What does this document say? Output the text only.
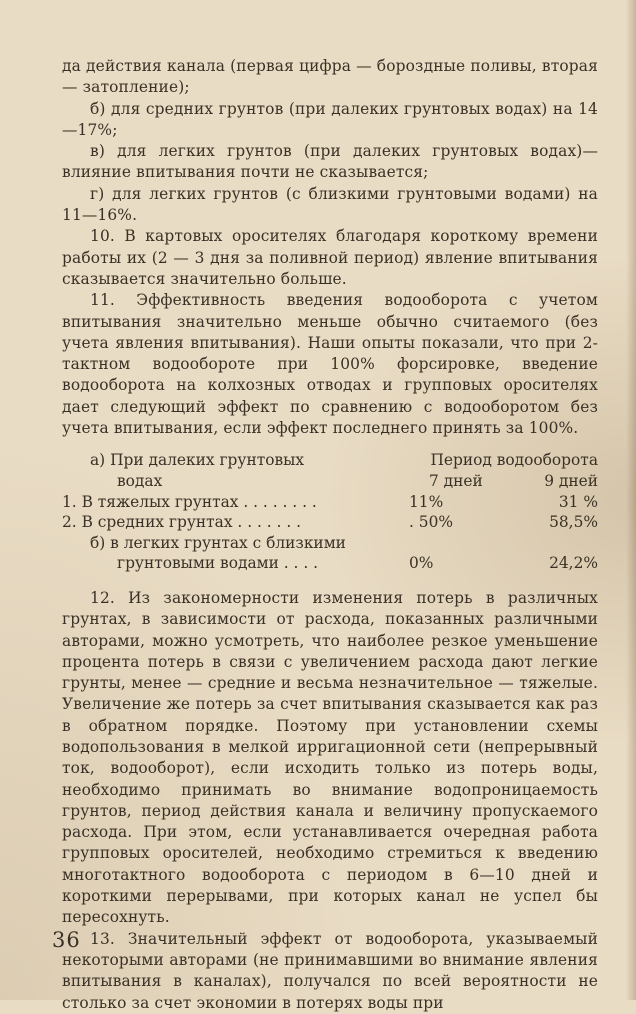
да действия канала (первая цифра — бороздные поливы, вторая — затопление);

б) для средних грунтов (при далеких грунтовых водах) на 14—17%;

в) для легких грунтов (при далеких грунтовых водах)— влияние впитывания почти не сказывается;

г) для легких грунтов (с близкими грунтовыми водами) на 11—16%.

10. В картовых оросителях благодаря короткому времени работы их (2 — 3 дня за поливной период) явление впитывания сказывается значительно больше.

11. Эффективность введения водооборота с учетом впитывания значительно меньше обычно считаемого (без учета явления впитывания). Наши опыты показали, что при 2-тактном водообороте при 100% форсировке, введение водооборота на колхозных отводах и групповых оросителях дает следующий эффект по сравнению с водооборотом без учета впитывания, если эффект последнего принять за 100%.

а) При далеких грунтовых	Период водооборота
водах	7 дней	9 дней
1. В тяжелых грунтах . . . . . . . .	11%	31 %
2. В средних грунтах . . . . . . .	. 50%	58,5%
б) в легких грунтах с близкими
грунтовыми водами . . . .	0%	24,2%

12. Из закономерности изменения потерь в различных грунтах, в зависимости от расхода, показанных различными авторами, можно усмотреть, что наиболее резкое уменьшение процента потерь в связи с увеличением расхода дают легкие грунты, менее — средние и весьма незначительное — тяжелые. Увеличение же потерь за счет впитывания сказывается как раз в обратном порядке. Поэтому при установлении схемы водопользования в мелкой ирригационной сети (непрерывный ток, водооборот), если исходить только из потерь воды, необходимо принимать во внимание водопроницаемость грунтов, период действия канала и величину пропускаемого расхода. При этом, если устанавливается очередная работа групповых оросителей, необходимо стремиться к введению многотактного водооборота с периодом в 6—10 дней и короткими перерывами, при которых канал не успел бы пересохнуть.

13. Значительный эффект от водооборота, указываемый некоторыми авторами (не принимавшими во внимание явления впитывания в каналах), получался по всей вероятности не столько за счет экономии в потерях воды при

36
